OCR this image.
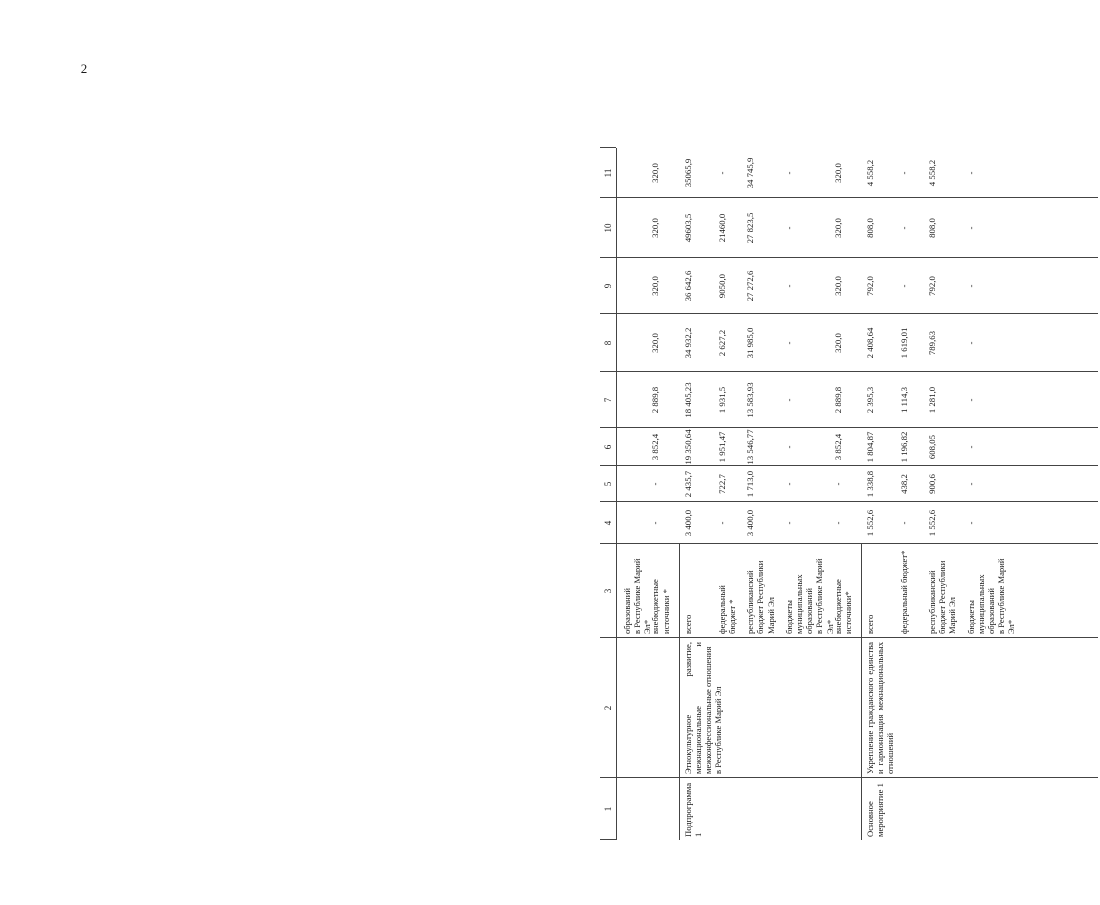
2
1
2
3
4
5
6
7
8
9
10
11
образований
в Республике Марий Эл*
внебюджетные
источники *
-
-
3 852,4
2 889,8
320,0
320,0
320,0
320,0
Подпрограмма 1
Этнокультурное развитие, межнациональные и межконфессиональные отношения
в Республике Марий Эл
всего
3 400,0
2 435,7
19 350,64
18 405,23
34 932,2
36 642,6
49603,5
35065,9
федеральный
бюджет *
-
722,7
1 951,47
1 931,5
2 627,2
9050,0
21460,0
-
республиканский
бюджет Республики
Марий Эл
3 400,0
1 713,0
13 546,77
13 583,93
31 985,0
27 272,6
27 823,5
34 745,9
бюджеты
муниципальных
образований
в Республике Марий Эл*
-
-
-
-
-
-
-
-
внебюджетные
источники*
-
-
3 852,4
2 889,8
320,0
320,0
320,0
320,0
Основное
мероприятие 1
Укрепление гражданского единства и гармонизация межнациональных отношений
всего
1 552,6
1 338,8
1 804,87
2 395,3
2 408,64
792,0
808,0
4 558,2
федеральный бюджет*
-
438,2
1 196,82
1 114,3
1 619,01
-
-
-
республиканский
бюджет Республики
Марий Эл
1 552,6
900,6
608,05
1 281,0
789,63
792,0
808,0
4 558,2
бюджеты
муниципальных
образований
в Республике Марий Эл*
-
-
-
-
-
-
-
-
